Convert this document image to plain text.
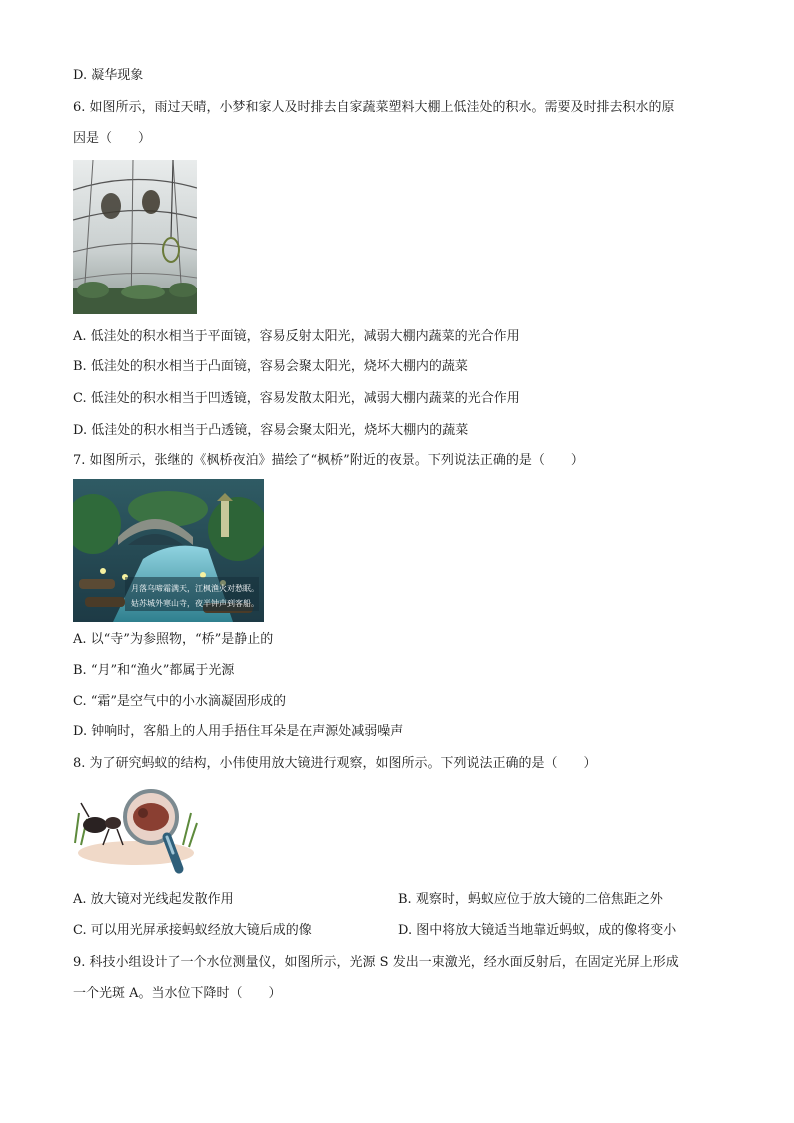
D. 凝华现象
6. 如图所示，雨过天晴，小梦和家人及时排去自家蔬菜塑料大棚上低洼处的积水。需要及时排去积水的原
因是（　　）
A. 低洼处的积水相当于平面镜，容易反射太阳光，减弱大棚内蔬菜的光合作用
B. 低洼处的积水相当于凸面镜，容易会聚太阳光，烧坏大棚内的蔬菜
C. 低洼处的积水相当于凹透镜，容易发散太阳光，减弱大棚内蔬菜的光合作用
D. 低洼处的积水相当于凸透镜，容易会聚太阳光，烧坏大棚内的蔬菜
7. 如图所示，张继的《枫桥夜泊》描绘了“枫桥”附近的夜景。下列说法正确的是（　　）
月落乌啼霜满天，江枫渔火对愁眠。
姑苏城外寒山寺，夜半钟声到客船。
A. 以“寺”为参照物，“桥”是静止的
B. “月”和“渔火”都属于光源
C. “霜”是空气中的小水滴凝固形成的
D. 钟响时，客船上的人用手捂住耳朵是在声源处减弱噪声
8. 为了研究蚂蚁的结构，小伟使用放大镜进行观察，如图所示。下列说法正确的是（　　）
A. 放大镜对光线起发散作用	B. 观察时，蚂蚁应位于放大镜的二倍焦距之外
C. 可以用光屏承接蚂蚁经放大镜后成的像	D. 图中将放大镜适当地靠近蚂蚁，成的像将变小
9. 科技小组设计了一个水位测量仪，如图所示，光源 S 发出一束激光，经水面反射后，在固定光屏上形成
一个光斑 A。当水位下降时（　　）
